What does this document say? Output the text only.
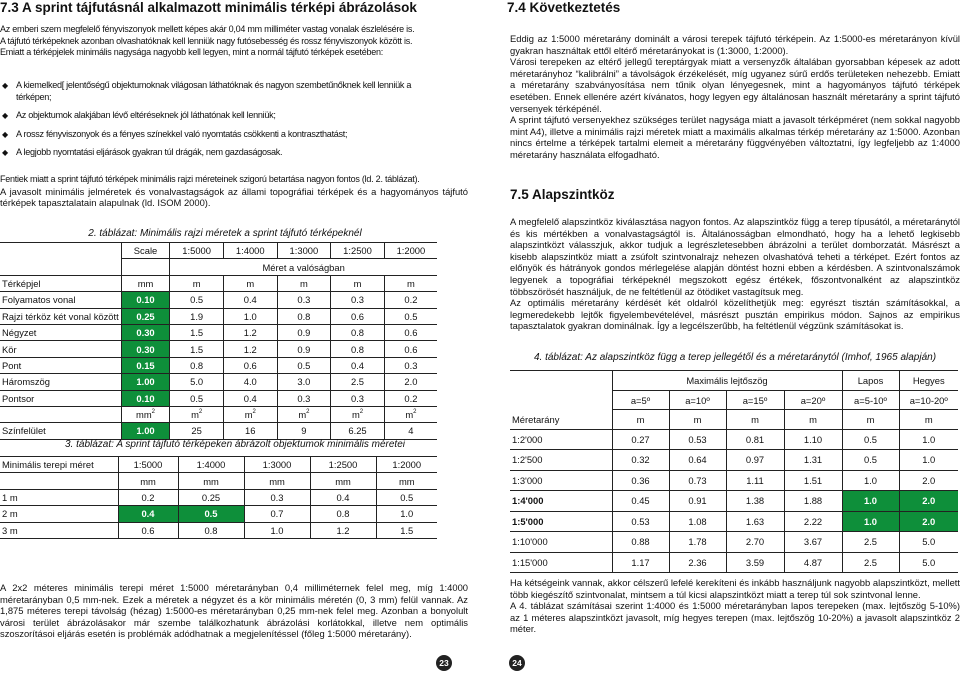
7.3 A sprint tájfutásnál alkalmazott minimális térképi ábrázolások

Az emberi szem megfelelő fényviszonyok mellett képes akár 0,04 mm milliméter vastag vonalak észlelésére is.

A tájfutó térképeknek azonban olvashatóknak kell lenniük nagy futósebesség és rossz fényviszonyok között is.

Emiatt a térképjelek minimális nagysága nagyobb kell legyen, mint a normál tájfutó térképek esetében:

◆ A kiemelked[ jelentőségű objektumoknak világosan láthatóknak és nagyon szembetűnőknek kell lenniük a
térképen;
◆ Az objektumok alakjában lévő eltéréseknek jól láthatónak kell lenniük;
◆ A rossz fényviszonyok és a fényes színekkel való nyomtatás csökkenti a kontraszthatást;
◆ A legjobb nyomtatási eljárások gyakran túl drágák, nem gazdaságosak.

Fentiek miatt a sprint tájfutó térképek minimális rajzi méreteinek szigorú betartása nagyon fontos (ld. 2. táblázat).

A javasolt minimális jelméretek és vonalvastagságok az állami topográfiai térképek és a hagyományos tájfutó térképek tapasztalatain alapulnak (ld. ISOM 2000).

2. táblázat: Minimális rajzi méretek a sprint tájfutó térképeknél
	Scale	1:5000	1:4000	1:3000	1:2500	1:2000
		Méret a valóságban				
Térképjel	mm	m	m	m	m	m
Folyamatos vonal	0.10	0.5	0.4	0.3	0.3	0.2
Rajzi térköz két vonal között	0.25	1.9	1.0	0.8	0.6	0.5
Négyzet	0.30	1.5	1.2	0.9	0.8	0.6
Kör	0.30	1.5	1.2	0.9	0.8	0.6
Pont	0.15	0.8	0.6	0.5	0.4	0.3
Háromszög	1.00	5.0	4.0	3.0	2.5	2.0
Pontsor	0.10	0.5	0.4	0.3	0.3	0.2
	$mm^2$	$m^2$	$m^2$	$m^2$	$m^2$	$m^2$
Színfelület	1.00	25	16	9	6.25	4
3. táblázat: A sprint tájfutó térképeken ábrázolt objektumok minimális méretei
Minimális terepi méret	1:5000	1:4000	1:3000	1:2500	1:2000
	mm	mm	mm	mm	mm
1 m	0.2	0.25	0.3	0.4	0.5
2 m	0.4	0.5	0.7	0.8	1.0
3 m	0.6	0.8	1.0	1.2	1.5

A 2x2 méteres minimális terepi méret 1:5000 méretarányban 0,4 milliméternek felel meg, míg 1:4000 méretarányban 0,5 mm-nek. Ezek a méretek a négyzet és a kör minimális méretén (0, 3 mm) felül vannak. Az 1,875 méteres terepi távolság (hézag) 1:5000-es méretarányban 0,25 mm-nek felel meg. Azonban a bonyolult városi terület ábrázolásakor már szembe találkozhatunk ábrázolási korlátokkal, illetve nem optimális szoszorításoi eljárás esetén is problémák adódhatnak a megjelenítéssel (főleg 1:5000 méretarány).

23
7.4 Következtetés

Eddig az 1:5000 méretarány dominált a városi terepek tájfutó térképein. Az 1:5000-es méretarányon kívül gyakran használtak ettől eltérő méretarányokat is (1:3000, 1:2000).

Városi terepeken az eltérő jellegű tereptárgyak miatt a versenyzők általában gyorsabban képesek az adott méretarányhoz “kalibrálni” a távolságok érzékelését, míg ugyanez súrű erdős területeken nehezebb. Emiatt a méretarány szabványosítása nem tűnik olyan lényegesnek, mint a hagyományos tájfutó térképek esetében. Ennek ellenére azért kívánatos, hogy legyen egy általánosan használt méretarány a sprint tájfutó versenyek térképénél.

A sprint tájfutó versenyekhez szükséges terület nagysága miatt a javasolt térképméret (nem sokkal nagyobb mint A4), illetve a minimális rajzi méretek miatt a maximális alkalmas térkép méretarány az 1:5000. Azonban nincs értelme a térképek tartalmi elemeit a méretarány függvényében változtatni, így legfeljebb az 1:4000 méretarány használata elfogadható.

7.5 Alapszintköz

A megfelelő alapszintköz kiválasztása nagyon fontos. Az alapszintköz függ a terep típusától, a méretaránytól és kis mértékben a vonalvastagságtól is. Általánosságban elmondható, hogy ha a lehető legkisebb alapszintközt válasszjuk, akkor tudjuk a legrészletesebben ábrázolni a terület domborzatát. Másrészt a kisebb alapszintköz miatt a zsúfolt szintvonalrajz nehezen olvashatóvá teheti a térképet. Ezért fontos az előnyök és hátrányok gondos mérlegelése alapján döntést hozni ebben a kérdésben. A szintvonalszámok legyenek a topográfiai térképeknél megszokott egész értékek, főszontvonalként az alapszintköz többszörösét használjuk, de ne feltétlenül az ötödiket vastagítsuk meg.

Az optimális méretarány kérdését két oldalról közelíthetjük meg: egyrészt tisztán számításokkal, a legmeredekebb lejtők figyelembevételével, másrészt pusztán empirikus módon. Sajnos az empirikus tapasztalatok gyakran dominálnak. Így a legcélszerűbb, ha feltétlenül végzünk számításokat is.

4. táblázat: Az alapszintköz függ a terep jellegétől és a méretaránytól (Imhof, 1965 alapján)
	Maximális lejtőszög				Lapos	Hegyes
	a=5º	a=10º	a=15º	a=20º	a=5-10º	a=10-20º
Méretarány	m	m	m	m	m	m
1:2'000	0.27	0.53	0.81	1.10	0.5	1.0
1:2'500	0.32	0.64	0.97	1.31	0.5	1.0
1:3'000	0.36	0.73	1.11	1.51	1.0	2.0
1:4'000	0.45	0.91	1.38	1.88	1.0	2.0
1:5'000	0.53	1.08	1.63	2.22	1.0	2.0
1:10'000	0.88	1.78	2.70	3.67	2.5	5.0
1:15'000	1.17	2.36	3.59	4.87	2.5	5.0

Ha kétségeink vannak, akkor célszerű lefelé kerekíteni és inkább használjunk nagyobb alapszintközt, mellett több kiegészítő szintvonalat, mintsem a túl kicsi alapszintközt miatt a terep túl sok szintvonal lenne.

A 4. táblázat számításai szerint 1:4000 és 1:5000 méretarányban lapos terepeken (max. lejtőszög 5-10%) az 1 méteres alapszintközt javasolt, míg hegyes terepen (max. lejtőszög 10-20%) a javasolt alapszintköz 2 méter.

24
